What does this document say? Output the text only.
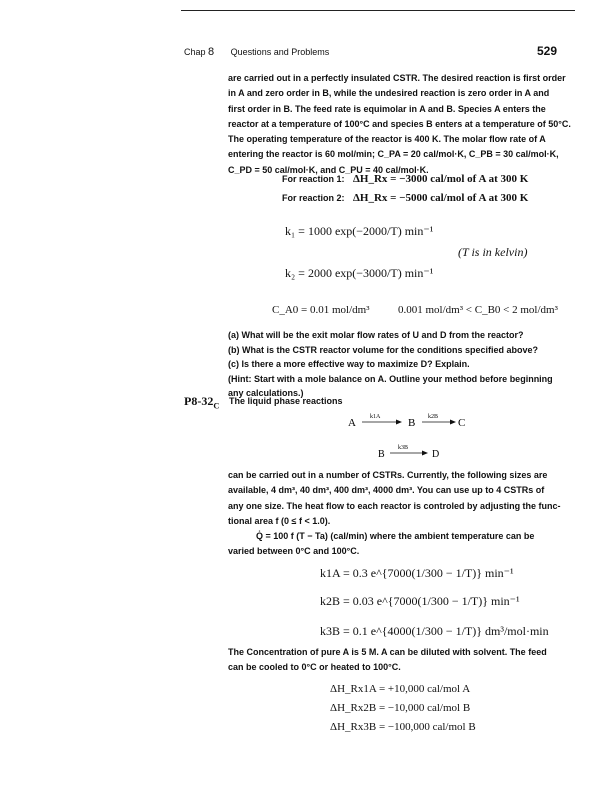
Chap 8 Questions and Problems	529
are carried out in a perfectly insulated CSTR. The desired reaction is first order
in A and zero order in B, while the undesired reaction is zero order in A and
first order in B. The feed rate is equimolar in A and B. Species A enters the
reactor at a temperature of 100°C and species B enters at a temperature of 50°C.
The operating temperature of the reactor is 400 K. The molar flow rate of A
entering the reactor is 60 mol/min; C_PA = 20 cal/mol·K, C_PB = 30 cal/mol·K,
C_PD = 50 cal/mol·K, and C_PU = 40 cal/mol·K.
For reaction 1: ΔH_Rx = −3000 cal/mol of A at 300 K
For reaction 2: ΔH_Rx = −5000 cal/mol of A at 300 K
k₁ = 1000 exp(−2000/T) min⁻¹
k₂ = 2000 exp(−3000/T) min⁻¹
(T is in kelvin)
C_A0 = 0.01 mol/dm³	0.001 mol/dm³ < C_B0 < 2 mol/dm³
(a) What will be the exit molar flow rates of U and D from the reactor?
(b) What is the CSTR reactor volume for the conditions specified above?
(c) Is there a more effective way to maximize D? Explain.
(Hint: Start with a mole balance on A. Outline your method before beginning
any calculations.)
$P8-32_C$ The liquid phase reactions
A k1A	B k2B C
B
k3B
D
can be carried out in a number of CSTRs. Currently, the following sizes are
available, 4 dm³, 40 dm³, 400 dm³, 4000 dm³. You can use up to 4 CSTRs of
any one size. The heat flow to each reactor is controled by adjusting the func-
tional area f (0 ≤ f < 1.0).
Q̇ = 100 f (T − Ta) (cal/min) where the ambient temperature can be
varied between 0°C and 100°C.
k1A = 0.3 e^{7000(1/300 − 1/T)} min⁻¹
k2B = 0.03 e^{7000(1/300 − 1/T)} min⁻¹
k3B = 0.1 e^{4000(1/300 − 1/T)} dm³/mol·min
The Concentration of pure A is 5 M. A can be diluted with solvent. The feed
can be cooled to 0°C or heated to 100°C.
ΔH_Rx1A = +10,000 cal/mol A
ΔH_Rx2B = −10,000 cal/mol B
ΔH_Rx3B = −100,000 cal/mol B
